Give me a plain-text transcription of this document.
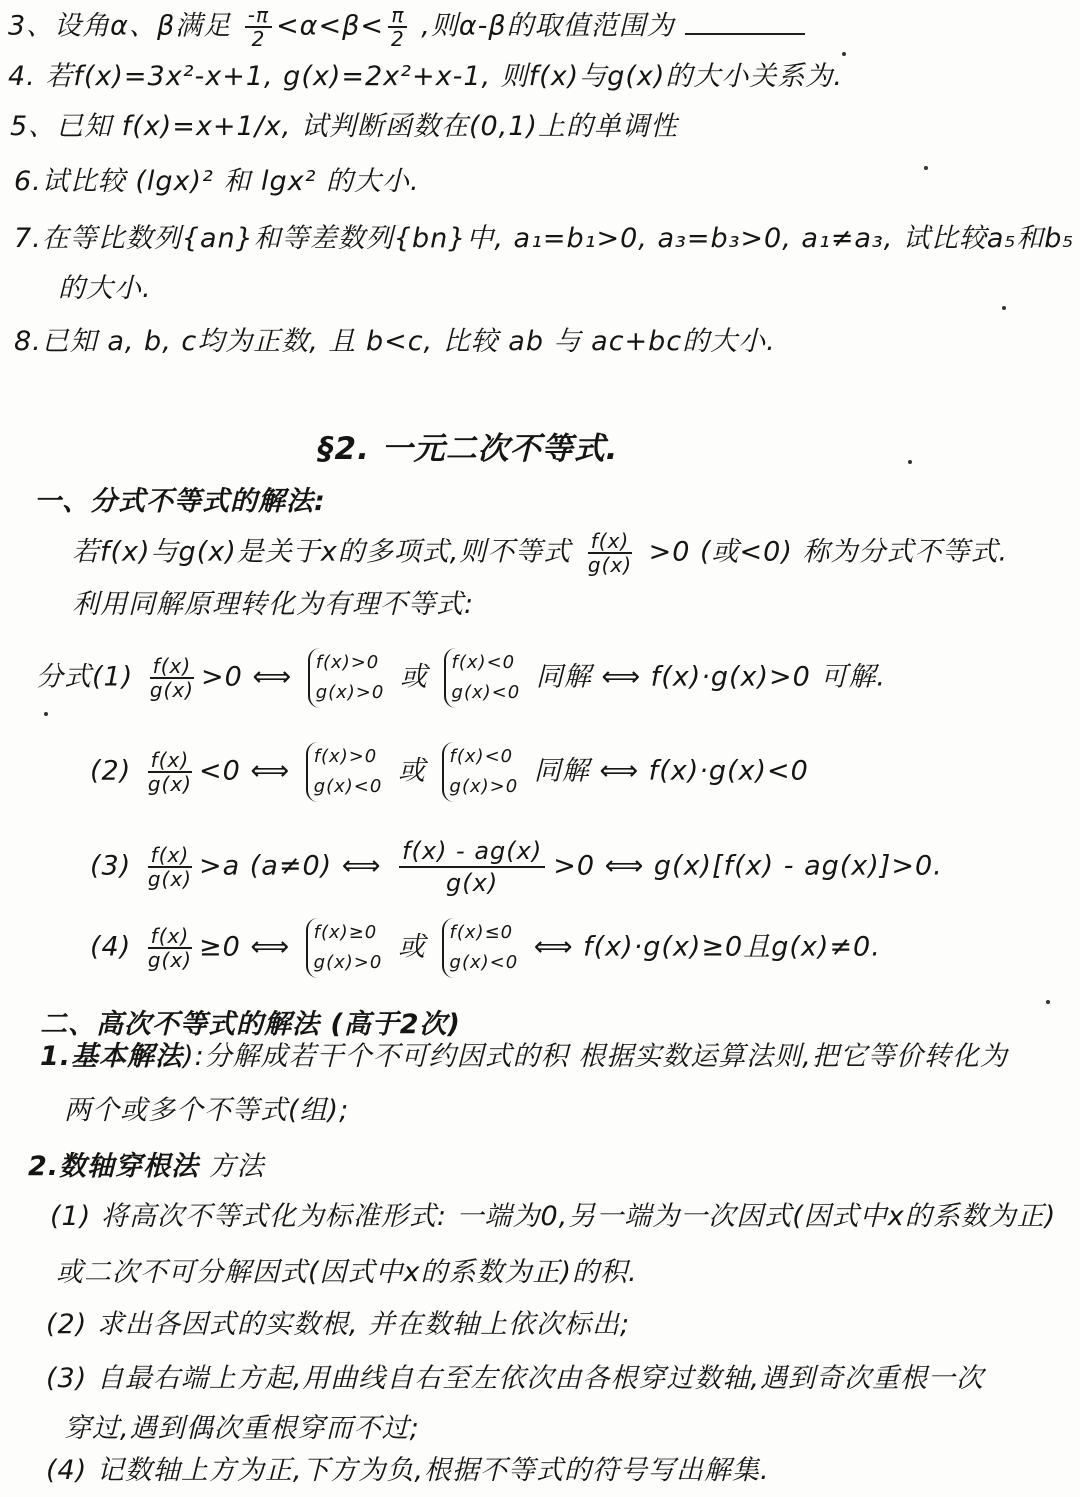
3、设角α、β满足 $\frac{-\pi}{2} <\alpha<\beta< \frac{\pi}{2}$ ,则α-β的取值范围为
4. 若f(x)=3x²-x+1, g(x)=2x²+x-1, 则f(x)与g(x)的大小关系为.
5、已知 f(x)=x+1/x, 试判断函数在(0,1)上的单调性
6.试比较 (lgx)² 和 lgx² 的大小.
7.在等比数列{an}和等差数列{bn}中, a₁=b₁>0, a₃=b₃>0, a₁≠a₃, 试比较a₅和b₅
的大小.
8.已知 a, b, c均为正数, 且 b<c, 比较 ab 与 ac+bc的大小.
§2. 一元二次不等式.
一、分式不等式的解法:
若f(x)与g(x)是关于x的多项式,则不等式 $\frac{f(x)}{g(x)} >0$ (或<0) 称为分式不等式.
利用同解原理转化为有理不等式:
分式$(1) \frac{f(x)}{g(x)} >0$ ⟺ f(x)>0
g(x)>0 或 f(x)<0
g(x)<0 同解 ⟺ f(x)·g(x)>0 可解.
$(2) \frac{f(x)}{g(x)} <0$ ⟺ f(x)>0
g(x)<0 或 f(x)<0
g(x)>0 同解 ⟺ f(x)·g(x)<0
$(3) \frac{f(x)}{g(x)} >a$ (a≠0) ⟺ $\frac{f(x) - ag(x)}{g(x)} >0$ ⟺ g(x)[f(x) - ag(x)]>0.
$(4) \frac{f(x)}{g(x)} \ge 0$ ⟺ f(x)≥0
g(x)>0 或 f(x)≤0
g(x)<0 ⟺ f(x)·g(x)≥0且g(x)≠0.
二、高次不等式的解法 (高于2次)
1.基本解法):分解成若干个不可约因式的积 根据实数运算法则,把它等价转化为
两个或多个不等式(组);
2.数轴穿根法 方法
(1) 将高次不等式化为标准形式: 一端为0,另一端为一次因式(因式中x的系数为正)
或二次不可分解因式(因式中x的系数为正)的积.
(2) 求出各因式的实数根, 并在数轴上依次标出;
(3) 自最右端上方起,用曲线自右至左依次由各根穿过数轴,遇到奇次重根一次
穿过,遇到偶次重根穿而不过;
(4) 记数轴上方为正,下方为负,根据不等式的符号写出解集.
